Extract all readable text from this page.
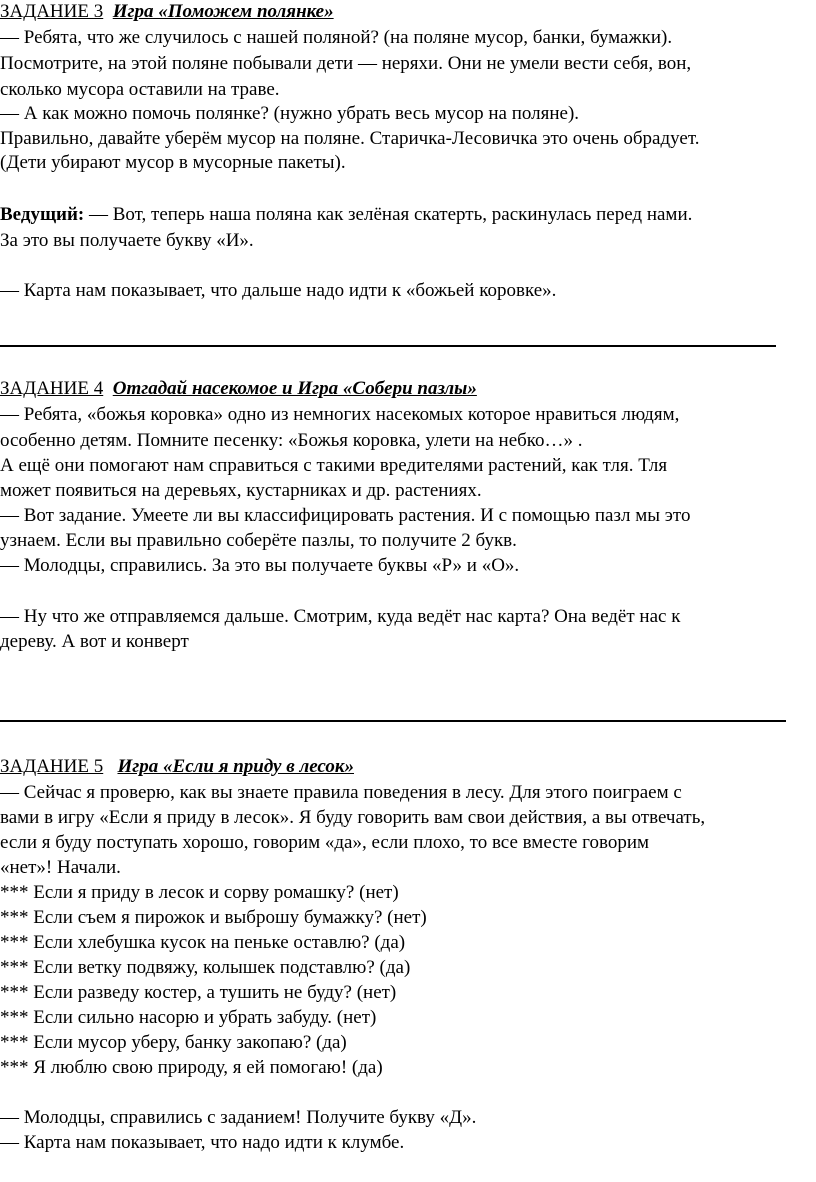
ЗАДАНИЕ 3 Игра «Поможем полянке»
— Ребята, что же случилось с нашей поляной? (на поляне мусор, банки, бумажки).
Посмотрите, на этой поляне побывали дети — неряхи. Они не умели вести себя, вон,
сколько мусора оставили на траве.
— А как можно помочь полянке? (нужно убрать весь мусор на поляне).
Правильно, давайте уберём мусор на поляне. Старичка-Лесовичка это очень обрадует.
(Дети убирают мусор в мусорные пакеты).
Ведущий: — Вот, теперь наша поляна как зелёная скатерть, раскинулась перед нами.
За это вы получаете букву «И».
— Карта нам показывает, что дальше надо идти к «божьей коровке».
ЗАДАНИЕ 4 Отгадай насекомое и Игра «Собери пазлы»
— Ребята, «божья коровка» одно из немногих насекомых которое нравиться людям,
особенно детям. Помните песенку: «Божья коровка, улети на небко…» .
А ещё они помогают нам справиться с такими вредителями растений, как тля. Тля
может появиться на деревьях, кустарниках и др. растениях.
— Вот задание. Умеете ли вы классифицировать растения. И с помощью пазл мы это
узнаем. Если вы правильно соберёте пазлы, то получите 2 букв.
— Молодцы, справились. За это вы получаете буквы «Р» и «О».
— Ну что же отправляемся дальше. Смотрим, куда ведёт нас карта? Она ведёт нас к
дереву. А вот и конверт
ЗАДАНИЕ 5 Игра «Если я приду в лесок»
— Сейчас я проверю, как вы знаете правила поведения в лесу. Для этого поиграем с
вами в игру «Если я приду в лесок». Я буду говорить вам свои действия, а вы отвечать,
если я буду поступать хорошо, говорим «да», если плохо, то все вместе говорим
«нет»! Начали.
*** Если я приду в лесок и сорву ромашку? (нет)
*** Если съем я пирожок и выброшу бумажку? (нет)
*** Если хлебушка кусок на пеньке оставлю? (да)
*** Если ветку подвяжу, колышек подставлю? (да)
*** Если разведу костер, а тушить не буду? (нет)
*** Если сильно насорю и убрать забуду. (нет)
*** Если мусор уберу, банку закопаю? (да)
*** Я люблю свою природу, я ей помогаю! (да)
— Молодцы, справились с заданием! Получите букву «Д».
— Карта нам показывает, что надо идти к клумбе.
